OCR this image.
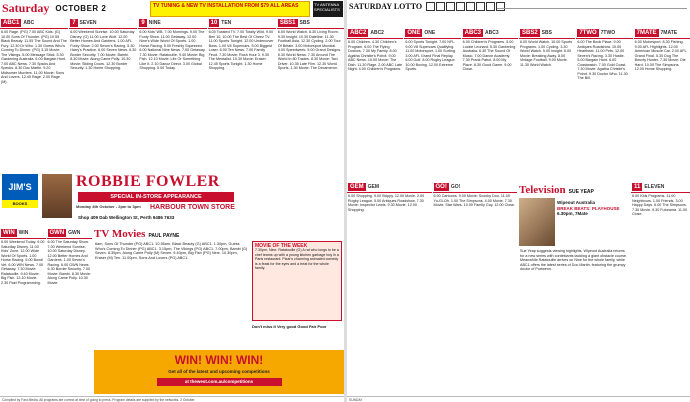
Saturday OCTOBER 2	TV TUNING & NEW TV INSTALLATION FROM $79 ALL AREAS	TV ANTENNA SPECIALISTS
ABC1 ABC
6.00 Rage. (PG) 7.00 ABC Kids. (G) 10.00 Sons Of Thunder. (PG) 10.55 Black Beauty. 11.55 The Sound And The Fury. 12.30 Dr Who. 1.30 Guess Who's Coming To Dinner. (PG) 3.15 Movie: The Vikings. 5.00 Message Stick. 5.30 Gardening Australia. 6.00 Bargain Hunt. 7.00 ABC News. 7.30 Spicks And Specks. 8.30 Doc Martin. 9.20 Midsomer Murders. 11.00 Movie: Sons And Lovers. 12.45 Rage. 2.00 Rage (M).
7 SEVEN
6.00 Weekend Sunrise. 10.00 Saturday Disney. (G) 11.00 Lone Wolf. 12.00 Better Homes And Gardens. 1.00 AFL Footy Show. 2.00 Seven's Racing. 5.30 Harry's Practice. 6.00 Seven News. 6.30 Border Security. 7.00 Movie: Bambi. 8.30 Movie: Along Came Polly. 10.30 Movie: Sliding Doors. 12.30 Border Security. 1.30 Home Shopping.
9 NINE
6.00 Kids' WB. 7.00 Mornings. 9.00 The Footy Show. 11.00 Getaway. 12.00 Nine's Wide World Of Sports. 1.00 Horse Racing. 5.00 Freshly Squeezed. 6.00 National Nine News. 7.00 Getaway. 7.30 Movie: Ratatouille. 9.40 Movie: Big Fish. 12.10 Movie: Life Or Something Like It. 2.10 Danoz Direct. 3.00 Global Shopping. 5.00 Today.
10 TEN
6.00 Toasted TV. 7.00 Totally Wild. 9.00 Ben 10. 10.00 The Best Of Cheez TV. 11.00 Sports Tonight. 12.00 Undercover Boss. 1.00 V8 Supercars. 5.00 Biggest Loser. 6.00 Ten News. 7.00 Family Feud. 7.30 Movie: Rush Hour 3. 9.30 The Mentalist. 10.30 Movie: Eraser. 12.45 Sports Tonight. 1.30 Home Shopping.
SBS1 SBS
6.00 World Watch. 8.30 Living Room. 9.30 Insight. 10.30 Dateline. 11.30 Football Asia. 12.30 Cycling. 2.00 Tour Of Britain. 3.00 Motorsport Mundial. 4.00 Speedweek. 5.00 Grand Designs. 6.30 World News. 7.30 Around The World In 80 Trades. 8.30 Movie: Taxi Driver. 10.35 Late Film. 12.30 World Sports. 1.30 Movie: The Decameron.
JIM'S
BOOKS
ROBBIE FOWLER
SPECIAL IN-STORE APPEARANCE
Monday 4th October - 2pm to 3pm	HARBOUR TOWN STORE
Shop 409 Dab Wellington St, Perth 9486 7633
WIN WIN
6.00 Weekend Today. 9.00 Saturday Disney. 11.00 Kids' Zone. 12.00 Wide World Of Sports. 1.00 Horse Racing. 5.00 Bondi Vet. 6.00 WIN News. 7.00 Getaway. 7.30 Movie: Ratatouille. 9.40 Movie: Big Fish. 12.10 Movie. 2.30 Paid Programming.
GWN GWN
6.00 The Saturday Show. 7.00 Weekend Sunrise. 10.00 Saturday Disney. 12.00 Better Homes And Gardens. 1.00 Seven's Racing. 6.00 GWN News. 6.30 Border Security. 7.00 Movie: Bambi. 8.30 Movie: Along Came Polly. 10.30 Movie.
TV Movies PAUL PAYNE
6am, Sons Of Thunder (PG) ABC1. 10.55am, Black Beauty (G) ABC1. 1.30pm, Guess Who's Coming To Dinner (PG) ABC1. 3.15pm, The Vikings (PG) ABC1. 7.00pm, Bambi (G) Seven. 8.30pm, Along Came Polly (M) Seven. 9.40pm, Big Fish (PG) Nine. 10.30pm, Eraser (M) Ten. 11.00pm, Sons And Lovers (PG) ABC1.
MOVIE OF THE WEEK
7.30pm, Nine. Ratatouille (G) A rat who longs to be a chef teams up with a young kitchen garbage boy in a Paris restaurant. Pixar's charming animated comedy is a feast for the eyes and a treat for the whole family.
Don't miss it Very good Good Fair Poor
WIN! WIN! WIN!
Get all of the latest and upcoming competitions
at thewest.com.au/competitions
Compiled by Fast Media. All programs are correct at time of going to press. Program details are supplied by the networks. 2 October
SATURDAY LOTTO
ABC2 ABC2
6.00 Children. 4.30 Children's Program. 6.00 The Flying Doctors. 7.30 My Family. 8.00 Agatha Christie's Poirot. 9.00 ABC News. 10.00 Movie: The Dish. 11.30 Rage. 2.00 ABC Late Night. 4.00 Children's Programs.
ONE ONE
6.00 Sports Tonight. 7.00 NFL. 9.00 V8 Supercars Qualifying. 11.00 Motorsport. 1.00 Surfing. 3.00 AFL Grand Final Replay. 6.00 Golf. 8.00 Rugby League. 10.00 Boxing. 12.00 Extreme Sports.
ABC3 ABC3
6.00 Children's Programs. 5.00 Lockie Leonard. 5.30 Gardening Australia. 6.30 The Sound Of Music. 7.00 Dance Academy. 7.30 Prank Patrol. 8.00 My Place. 8.30 Good Game. 9.00 Close.
SBS2 SBS
6.00 World Watch. 10.00 Sports Programs. 1.00 Cycling. 3.30 World Watch. 5.00 Insight. 6.00 Movie: Breaking Away. 8.00 Vintage Football. 9.00 Movie. 11.30 World Watch.
7TWO 7TWO
6.00 The Book Place. 9.00 Antiques Roadshow. 10.00 Heartbeat. 11.00 Pets. 12.00 Seven's Racing. 3.30 Hustle. 5.00 Bargain Hunt. 6.00 Coastwatch. 7.00 Gold Coast. 7.30 Movie: Agatha Christie's Poirot. 9.30 Doctor Who. 11.30 The Bill.
7MATE 7MATE
6.00 Motorsport. 8.30 Fishing. 9.00 AFL Highlights. 12.00 American Muscle Car. 2.00 AFL Grand Final. 5.30 Dog The Bounty Hunter. 7.30 Movie: Die Hard. 10.00 The Simpsons. 12.00 Home Shopping.
GEM GEM
6.00 Shopping. 9.00 Skippy. 12.00 Movie. 2.00 Rugby League. 5.00 Antiques Roadshow. 7.30 Movie: Inspector Lewis. 9.30 Movie. 12.00 Shopping.
GO! GO!
6.00 Cartoons. 9.00 Movie: Scooby Doo. 11.00 Yu-Gi-Oh. 1.00 The Simpsons. 4.00 Movie. 7.30 Movie: Star Wars. 10.00 Family Guy. 12.00 Close.
Television SUE YEAP
Wipeout Australia
BREAK BEATS: PLAYHOUSE
6.30pm, 7Mate
Sue Yeap suggests viewing highlights. Wipeout Australia returns for a new series with contestants tackling a giant obstacle course. Meanwhile Ratatouille arrives on Nine for the whole family, while ABC1 offers the latest series of Doc Martin, featuring the grumpy doctor of Portwenn.
11 ELEVEN
6.00 Kids Programs. 11.00 Neighbours. 1.00 Friends. 3.00 Happy Days. 6.00 The Simpsons. 7.30 Movie. 9.30 Futurama. 11.00 Close.
SUNDAY
